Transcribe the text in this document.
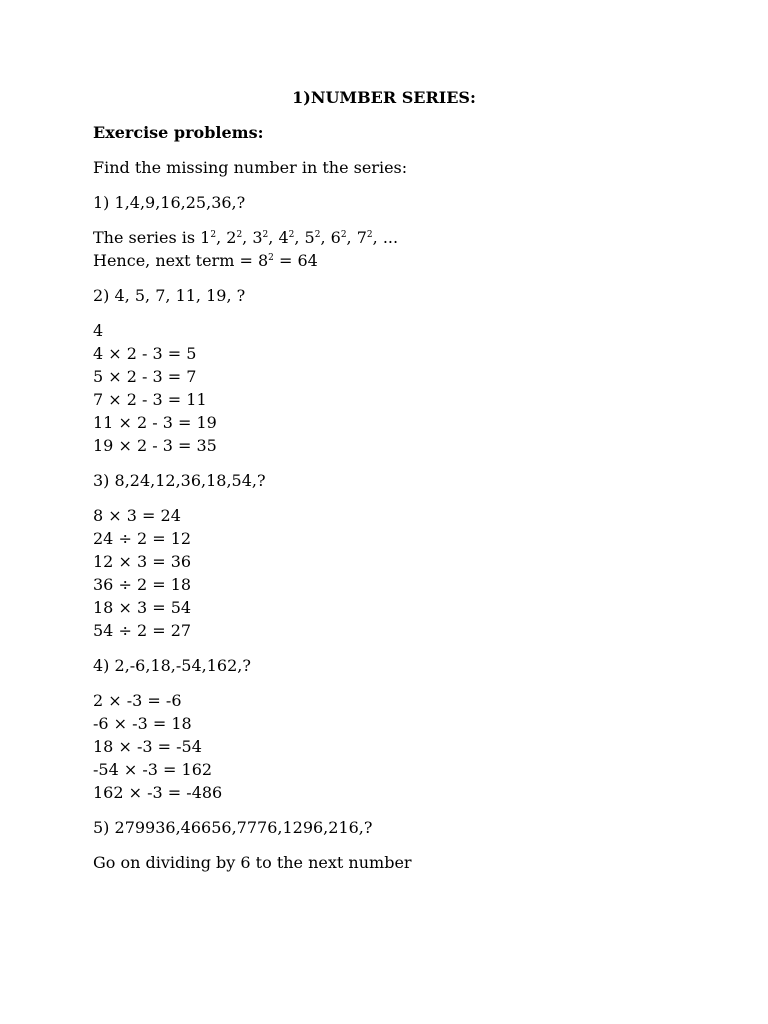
1)NUMBER SERIES:
Exercise problems:
Find the missing number in the series:
1) 1,4,9,16,25,36,?
The series is $1^2$, $2^2$, $3^2$, $4^2$, $5^2$, $6^2$, $7^2$, ...
Hence, next term = $8^2 = 64$
2) 4, 5, 7, 11, 19, ?
4
4 × 2 - 3 = 5
5 × 2 - 3 = 7
7 × 2 - 3 = 11
11 × 2 - 3 = 19
19 × 2 - 3 = 35
3) 8,24,12,36,18,54,?
8 × 3 = 24
24 ÷ 2 = 12
12 × 3 = 36
36 ÷ 2 = 18
18 × 3 = 54
54 ÷ 2 = 27
4) 2,-6,18,-54,162,?
2 × -3 = -6
-6 × -3 = 18
18 × -3 = -54
-54 × -3 = 162
162 × -3 = -486
5) 279936,46656,7776,1296,216,?
Go on dividing by 6 to the next number
